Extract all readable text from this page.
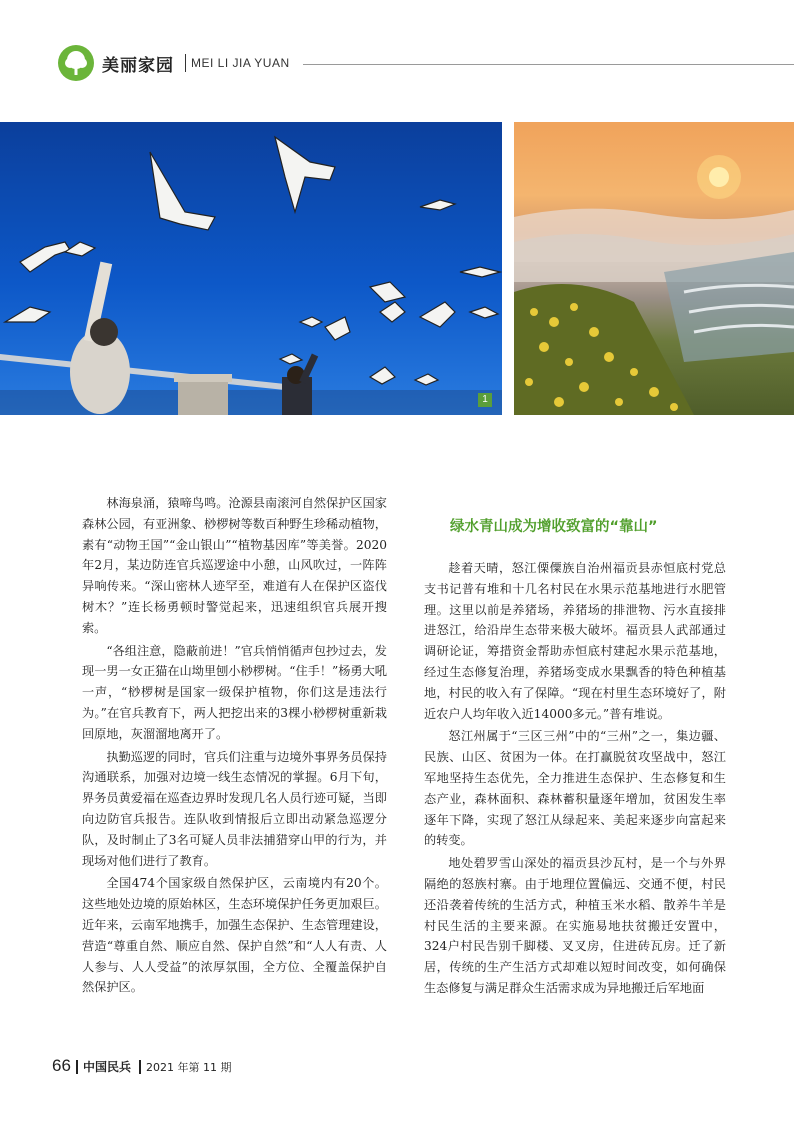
美丽家园 MEI LI JIA YUAN
1

林海泉涌，猿啼鸟鸣。沧源县南滚河自然保护区国家森林公园，有亚洲象、桫椤树等数百种野生珍稀动植物，素有“动物王国”“金山银山”“植物基因库”等美誉。2020年2月，某边防连官兵巡逻途中小憩，山风吹过，一阵阵异响传来。“深山密林人迹罕至，难道有人在保护区盗伐树木？”连长杨勇顿时警觉起来，迅速组织官兵展开搜索。

“各组注意，隐蔽前进！”官兵悄悄循声包抄过去，发现一男一女正猫在山坳里刨小桫椤树。“住手！”杨勇大吼一声，“桫椤树是国家一级保护植物，你们这是违法行为。”在官兵教育下，两人把挖出来的3棵小桫椤树重新栽回原地，灰溜溜地离开了。

执勤巡逻的同时，官兵们注重与边境外事界务员保持沟通联系，加强对边境一线生态情况的掌握。6月下旬，界务员黄爱福在巡查边界时发现几名人员行迹可疑，当即向边防官兵报告。连队收到情报后立即出动紧急巡逻分队，及时制止了3名可疑人员非法捕猎穿山甲的行为，并现场对他们进行了教育。

全国474个国家级自然保护区，云南境内有20个。这些地处边境的原始林区，生态环境保护任务更加艰巨。近年来，云南军地携手，加强生态保护、生态管理建设，营造“尊重自然、顺应自然、保护自然”和“人人有责、人人参与、人人受益”的浓厚氛围，全方位、全覆盖保护自然保护区。

绿水青山成为增收致富的“靠山”

趁着天晴，怒江傈僳族自治州福贡县赤恒底村党总支书记普有堆和十几名村民在水果示范基地进行水肥管理。这里以前是养猪场，养猪场的排泄物、污水直接排进怒江，给沿岸生态带来极大破坏。福贡县人武部通过调研论证，筹措资金帮助赤恒底村建起水果示范基地，经过生态修复治理，养猪场变成水果飘香的特色种植基地，村民的收入有了保障。“现在村里生态环境好了，附近农户人均年收入近14000多元。”普有堆说。

怒江州属于“三区三州”中的“三州”之一，集边疆、民族、山区、贫困为一体。在打赢脱贫攻坚战中，怒江军地坚持生态优先，全力推进生态保护、生态修复和生态产业，森林面积、森林蓄积量逐年增加，贫困发生率逐年下降，实现了怒江从绿起来、美起来逐步向富起来的转变。

地处碧罗雪山深处的福贡县沙瓦村，是一个与外界隔绝的怒族村寨。由于地理位置偏远、交通不便，村民还沿袭着传统的生活方式，种植玉米水稻、散养牛羊是村民生活的主要来源。在实施易地扶贫搬迁安置中，324户村民告别千脚楼、叉叉房，住进砖瓦房。迁了新居，传统的生产生活方式却难以短时间改变，如何确保生态修复与满足群众生活需求成为异地搬迁后军地面

66 中国民兵 2021 年第 11 期
